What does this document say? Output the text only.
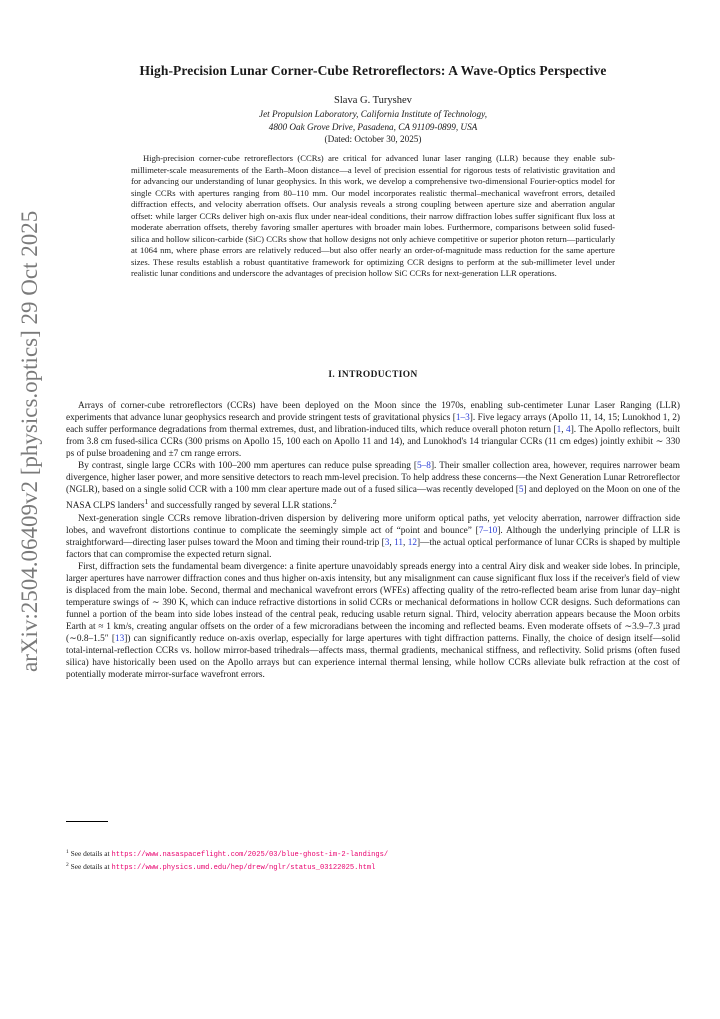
arXiv:2504.06409v2 [physics.optics] 29 Oct 2025
High-Precision Lunar Corner-Cube Retroreflectors: A Wave-Optics Perspective
Slava G. Turyshev
Jet Propulsion Laboratory, California Institute of Technology,
4800 Oak Grove Drive, Pasadena, CA 91109-0899, USA
(Dated: October 30, 2025)

High-precision corner-cube retroreflectors (CCRs) are critical for advanced lunar laser ranging (LLR) because they enable sub-millimeter-scale measurements of the Earth–Moon distance—a level of precision essential for rigorous tests of relativistic gravitation and for advancing our understanding of lunar geophysics. In this work, we develop a comprehensive two-dimensional Fourier-optics model for single CCRs with apertures ranging from 80–110 mm. Our model incorporates realistic thermal–mechanical wavefront errors, detailed diffraction effects, and velocity aberration offsets. Our analysis reveals a strong coupling between aperture size and aberration angular offset: while larger CCRs deliver high on-axis flux under near-ideal conditions, their narrow diffraction lobes suffer significant flux loss at moderate aberration offsets, thereby favoring smaller apertures with broader main lobes. Furthermore, comparisons between solid fused-silica and hollow silicon-carbide (SiC) CCRs show that hollow designs not only achieve competitive or superior photon return—particularly at 1064 nm, where phase errors are relatively reduced—but also offer nearly an order-of-magnitude mass reduction for the same aperture sizes. These results establish a robust quantitative framework for optimizing CCR designs to perform at the sub-millimeter level under realistic lunar conditions and underscore the advantages of precision hollow SiC CCRs for next-generation LLR operations.

I. INTRODUCTION

Arrays of corner-cube retroreflectors (CCRs) have been deployed on the Moon since the 1970s, enabling sub-centimeter Lunar Laser Ranging (LLR) experiments that advance lunar geophysics research and provide stringent tests of gravitational physics [1–3]. Five legacy arrays (Apollo 11, 14, 15; Lunokhod 1, 2) each suffer performance degradations from thermal extremes, dust, and libration-induced tilts, which reduce overall photon return [1, 4]. The Apollo reflectors, built from 3.8 cm fused-silica CCRs (300 prisms on Apollo 15, 100 each on Apollo 11 and 14), and Lunokhod's 14 triangular CCRs (11 cm edges) jointly exhibit ∼ 330 ps of pulse broadening and ±7 cm range errors.

By contrast, single large CCRs with 100–200 mm apertures can reduce pulse spreading [5–8]. Their smaller collection area, however, requires narrower beam divergence, higher laser power, and more sensitive detectors to reach mm-level precision. To help address these concerns—the Next Generation Lunar Retroreflector (NGLR), based on a single solid CCR with a 100 mm clear aperture made out of a fused silica—was recently developed [5] and deployed on the Moon on one of the NASA CLPS landers$^1$ and successfully ranged by several LLR stations.$^2$

Next-generation single CCRs remove libration-driven dispersion by delivering more uniform optical paths, yet velocity aberration, narrower diffraction side lobes, and wavefront distortions continue to complicate the seemingly simple act of “point and bounce” [7–10]. Although the underlying principle of LLR is straightforward—directing laser pulses toward the Moon and timing their round-trip [3, 11, 12]—the actual optical performance of lunar CCRs is shaped by multiple factors that can compromise the expected return signal.

First, diffraction sets the fundamental beam divergence: a finite aperture unavoidably spreads energy into a central Airy disk and weaker side lobes. In principle, larger apertures have narrower diffraction cones and thus higher on-axis intensity, but any misalignment can cause significant flux loss if the receiver's field of view is displaced from the main lobe. Second, thermal and mechanical wavefront errors (WFEs) affecting quality of the retro-reflected beam arise from lunar day–night temperature swings of ∼ 390 K, which can induce refractive distortions in solid CCRs or mechanical deformations in hollow CCR designs. Such deformations can funnel a portion of the beam into side lobes instead of the central peak, reducing usable return signal. Third, velocity aberration appears because the Moon orbits Earth at ≈ 1 km/s, creating angular offsets on the order of a few microradians between the incoming and reflected beams. Even moderate offsets of ∼3.9–7.3 µrad (∼0.8–1.5″ [13]) can significantly reduce on-axis overlap, especially for large apertures with tight diffraction patterns. Finally, the choice of design itself—solid total-internal-reflection CCRs vs. hollow mirror-based trihedrals—affects mass, thermal gradients, mechanical stiffness, and reflectivity. Solid prisms (often fused silica) have historically been used on the Apollo arrays but can experience internal thermal lensing, while hollow CCRs alleviate bulk refraction at the cost of potentially moderate mirror-surface wavefront errors.

$^1$ See details at https://www.nasaspaceflight.com/2025/03/blue-ghost-im-2-landings/
$^2$ See details at https://www.physics.umd.edu/hep/drew/nglr/status_03122025.html
